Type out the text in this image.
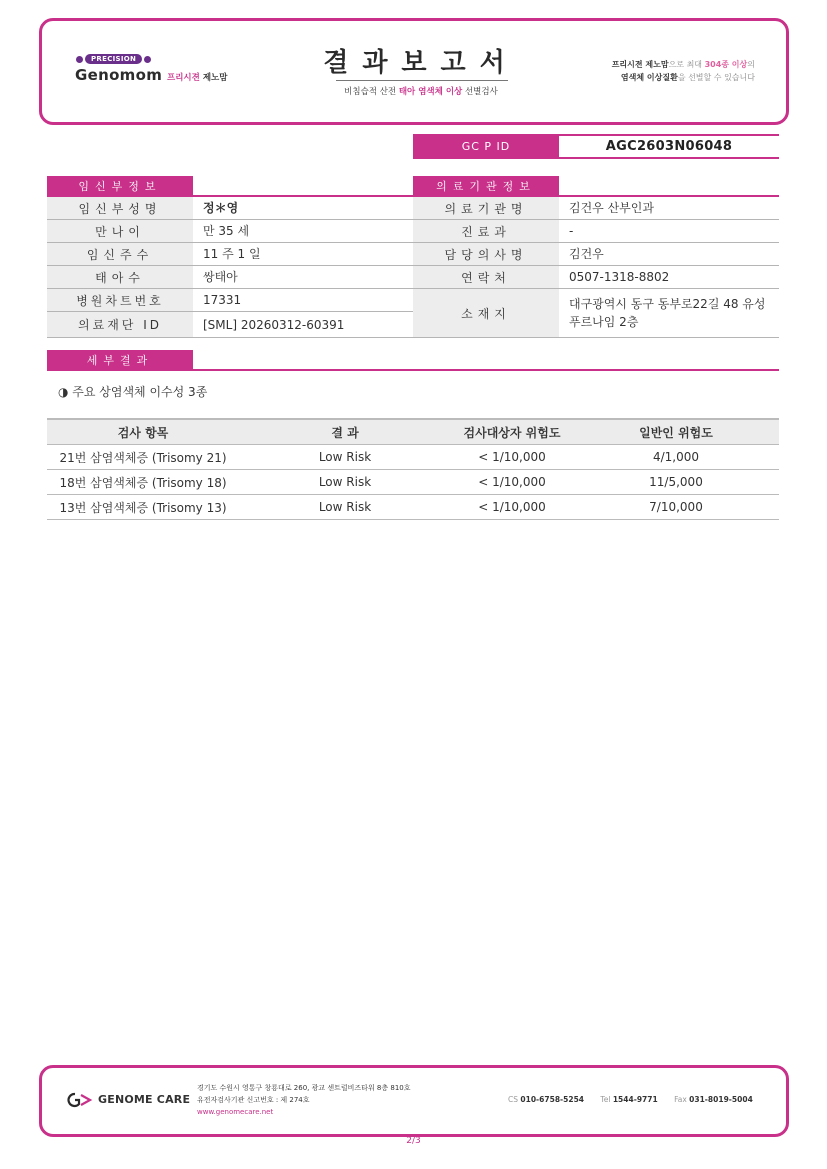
PRECISION
Genomom 프리시젼 제노맘	결과보고서
비침습적 산전 태아 염색체 이상 선별검사
프리시젼 제노맘으로 최대 304종 이상의
염색체 이상질환을 선별할 수 있습니다
GC P ID	AGC2603N06048
임신부정보	의료기관정보
임신부성명	정＊영
만나이	만 35 세
임신주수	11 주 1 일
태아수	쌍태아
병원차트번호	17331
의료재단 ID	[SML] 20260312-60391
의료기관명	김건우 산부인과
진료과	-
담당의사명	김건우
연락처	0507-1318-8802
소재지
대구광역시 동구 동부로22길 48 유성 푸르나임 2층
세부결과
◑ 주요 상염색체 이수성 3종
검사 항목	결 과	검사대상자 위험도	일반인 위험도
21번 삼염색체증 (Trisomy 21)	Low Risk	< 1/10,000	4/1,000
18번 삼염색체증 (Trisomy 18)	Low Risk	< 1/10,000	11/5,000
13번 삼염색체증 (Trisomy 13)	Low Risk	< 1/10,000	7/10,000
GENOME CARE
경기도 수원시 영통구 창룡대로 260, 광교 센트럴비즈타워 8층 810호
유전자검사기관 신고번호 : 제 274호
www.genomecare.net
CS 010-6758-5254 Tel 1544-9771 Fax 031-8019-5004
2/3
